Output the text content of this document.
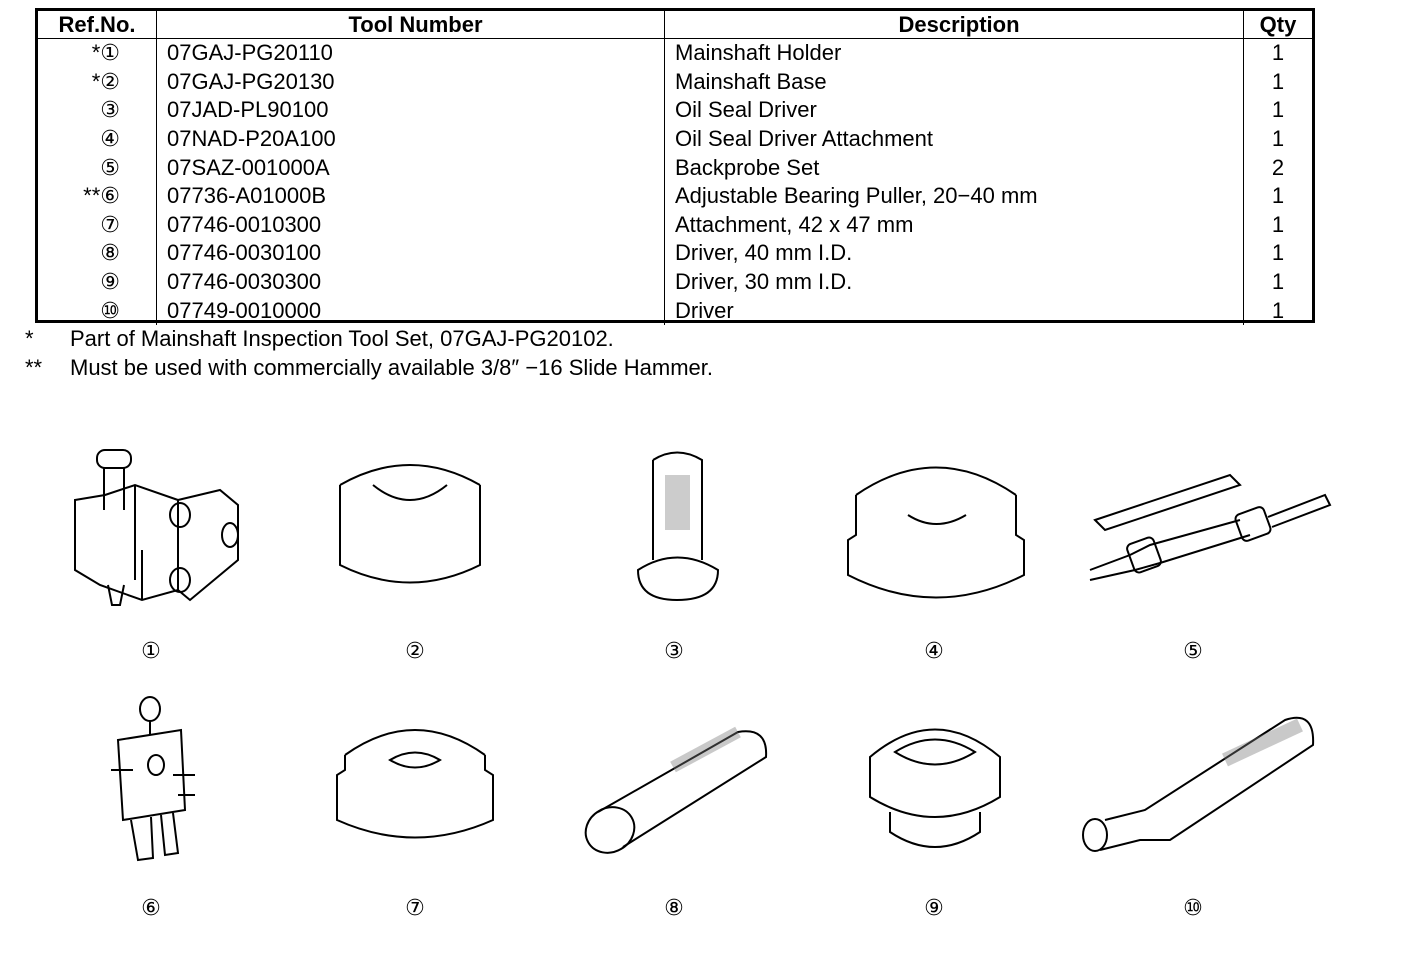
Ref.No.	Tool Number	Description	Qty
*①	07GAJ-PG20110	Mainshaft Holder	1
*②	07GAJ-PG20130	Mainshaft Base	1
③	07JAD-PL90100	Oil Seal Driver	1
④	07NAD-P20A100	Oil Seal Driver Attachment	1
⑤	07SAZ-001000A	Backprobe Set	2
**⑥	07736-A01000B	Adjustable Bearing Puller, 20−40 mm	1
⑦	07746-0010300	Attachment, 42 x 47 mm	1
⑧	07746-0030100	Driver, 40 mm I.D.	1
⑨	07746-0030300	Driver, 30 mm I.D.	1
⑩	07749-0010000	Driver	1
* Part of Mainshaft Inspection Tool Set, 07GAJ-PG20102.
** Must be used with commercially available 3/8″ −16 Slide Hammer.
①	②	③	④	⑤
⑥	⑦	⑧	⑨	⑩
